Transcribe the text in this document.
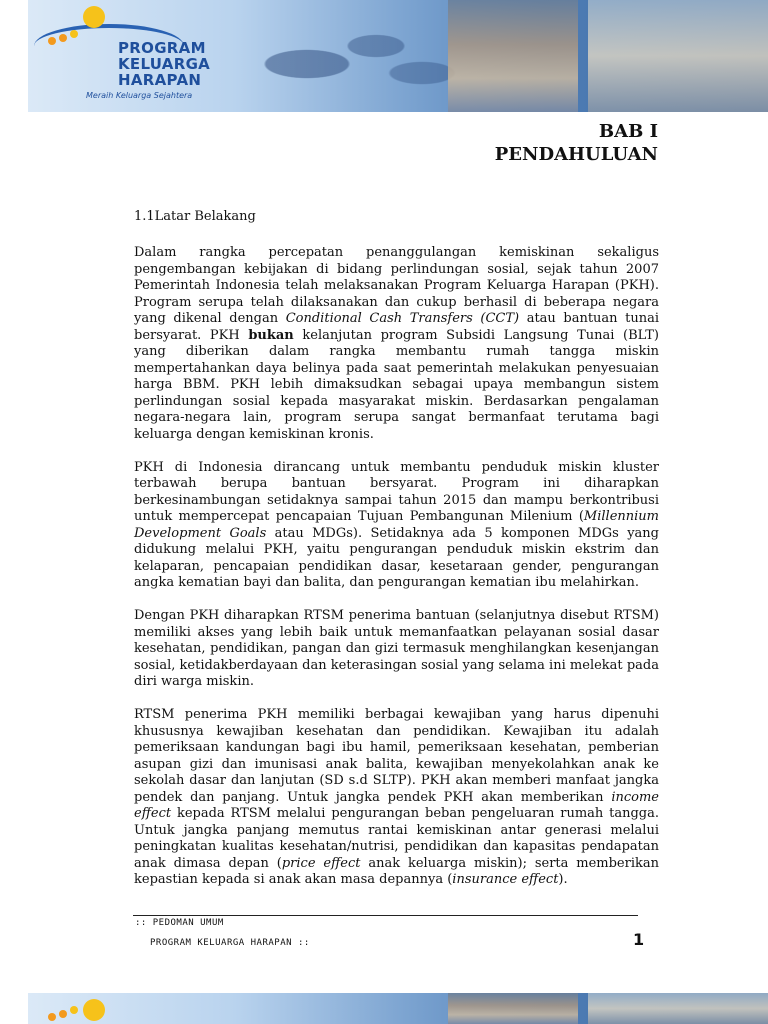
PROGRAM
KELUARGA
HARAPAN
Meraih Keluarga Sejahtera
BAB I
PENDAHULUAN
1.1Latar Belakang

Dalam rangka percepatan penanggulangan kemiskinan sekaligus pengembangan kebijakan di bidang perlindungan sosial, sejak tahun 2007 Pemerintah Indonesia telah melaksanakan Program Keluarga Harapan (PKH). Program serupa telah dilaksanakan dan cukup berhasil di beberapa negara yang dikenal dengan Conditional Cash Transfers (CCT) atau bantuan tunai bersyarat. PKH bukan kelanjutan program Subsidi Langsung Tunai (BLT) yang diberikan dalam rangka membantu rumah tangga miskin mempertahankan daya belinya pada saat pemerintah melakukan penyesuaian harga BBM. PKH lebih dimaksudkan sebagai upaya membangun sistem perlindungan sosial kepada masyarakat miskin. Berdasarkan pengalaman negara-negara lain, program serupa sangat bermanfaat terutama bagi keluarga dengan kemiskinan kronis.

PKH di Indonesia dirancang untuk membantu penduduk miskin kluster terbawah berupa bantuan bersyarat. Program ini diharapkan berkesinambungan setidaknya sampai tahun 2015 dan mampu berkontribusi untuk mempercepat pencapaian Tujuan Pembangunan Milenium (Millennium Development Goals atau MDGs). Setidaknya ada 5 komponen MDGs yang didukung melalui PKH, yaitu pengurangan penduduk miskin ekstrim dan kelaparan, pencapaian pendidikan dasar, kesetaraan gender, pengurangan angka kematian bayi dan balita, dan pengurangan kematian ibu melahirkan.

Dengan PKH diharapkan RTSM penerima bantuan (selanjutnya disebut RTSM) memiliki akses yang lebih baik untuk memanfaatkan pelayanan sosial dasar kesehatan, pendidikan, pangan dan gizi termasuk menghilangkan kesenjangan sosial, ketidakberdayaan dan keterasingan sosial yang selama ini melekat pada diri warga miskin.

RTSM penerima PKH memiliki berbagai kewajiban yang harus dipenuhi khususnya kewajiban kesehatan dan pendidikan. Kewajiban itu adalah pemeriksaan kandungan bagi ibu hamil, pemeriksaan kesehatan, pemberian asupan gizi dan imunisasi anak balita, kewajiban menyekolahkan anak ke sekolah dasar dan lanjutan (SD s.d SLTP). PKH akan memberi manfaat jangka pendek dan panjang. Untuk jangka pendek PKH akan memberikan income effect kepada RTSM melalui pengurangan beban pengeluaran rumah tangga. Untuk jangka panjang memutus rantai kemiskinan antar generasi melalui peningkatan kualitas kesehatan/nutrisi, pendidikan dan kapasitas pendapatan anak dimasa depan (price effect anak keluarga miskin); serta memberikan kepastian kepada si anak akan masa depannya (insurance effect).

:: PEDOMAN UMUM
PROGRAM KELUARGA HARAPAN ::	1
